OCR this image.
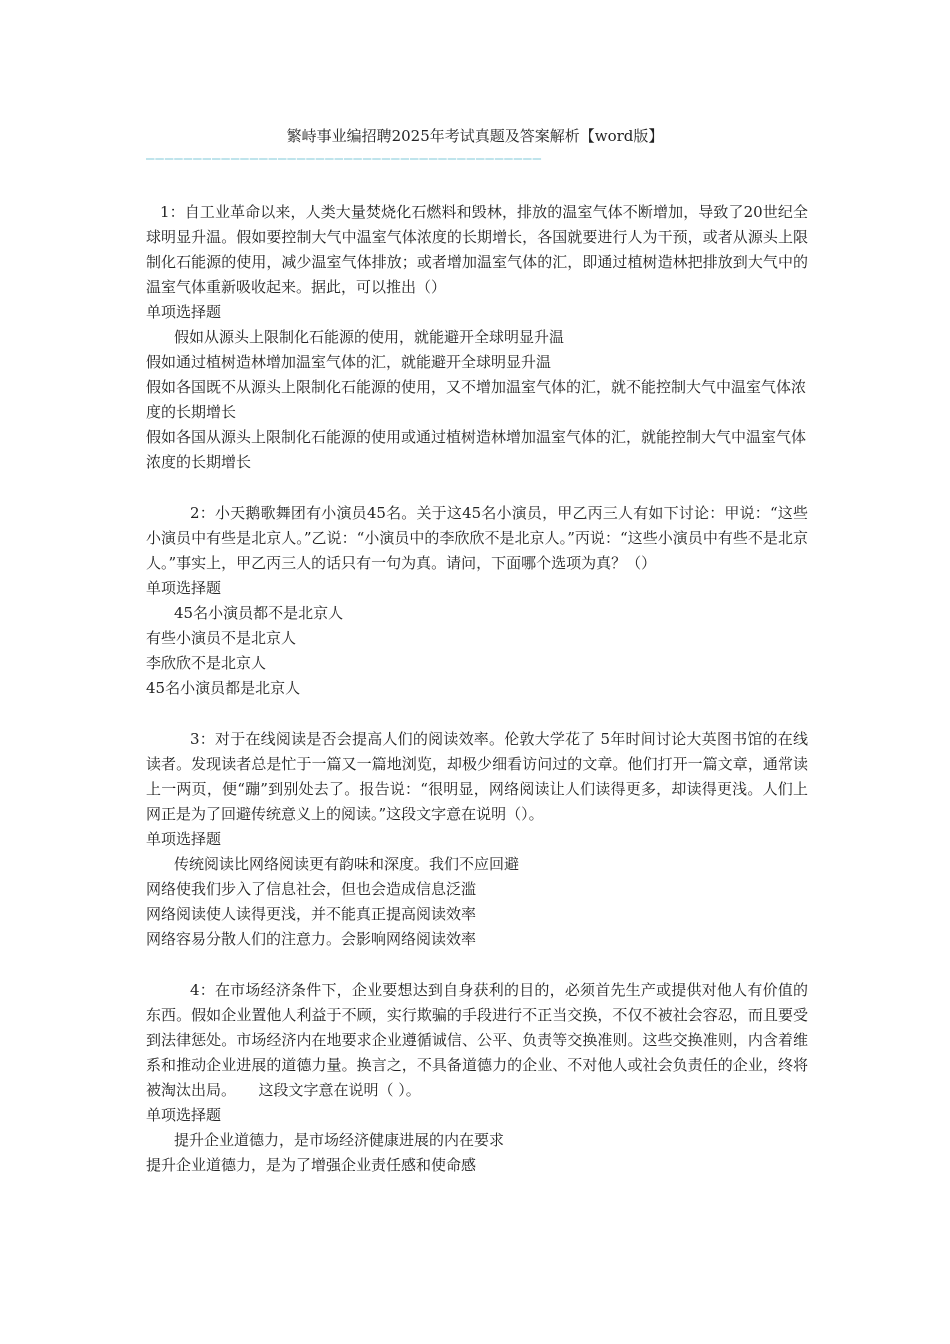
繁峙事业编招聘2025年考试真题及答案解析【word版】
——————————————————————————————————————————

1：自工业革命以来，人类大量焚烧化石燃料和毁林，排放的温室气体不断增加，导致了20世纪全球明显升温。假如要控制大气中温室气体浓度的长期增长，各国就要进行人为干预，或者从源头上限制化石能源的使用，减少温室气体排放；或者增加温室气体的汇，即通过植树造林把排放到大气中的温室气体重新吸收起来。据此，可以推出（）

单项选择题

假如从源头上限制化石能源的使用，就能避开全球明显升温

假如通过植树造林增加温室气体的汇，就能避开全球明显升温

假如各国既不从源头上限制化石能源的使用，又不增加温室气体的汇，就不能控制大气中温室气体浓度的长期增长

假如各国从源头上限制化石能源的使用或通过植树造林增加温室气体的汇，就能控制大气中温室气体浓度的长期增长

2：小天鹅歌舞团有小演员45名。关于这45名小演员，甲乙丙三人有如下讨论：甲说：“这些小演员中有些是北京人。”乙说：“小演员中的李欣欣不是北京人。”丙说：“这些小演员中有些不是北京人。”事实上，甲乙丙三人的话只有一句为真。请问，下面哪个选项为真？（）

单项选择题

45名小演员都不是北京人

有些小演员不是北京人

李欣欣不是北京人

45名小演员都是北京人

3：对于在线阅读是否会提高人们的阅读效率。伦敦大学花了 5年时间讨论大英图书馆的在线读者。发现读者总是忙于一篇又一篇地浏览，却极少细看访问过的文章。他们打开一篇文章，通常读上一两页，便“蹦”到别处去了。报告说：“很明显，网络阅读让人们读得更多，却读得更浅。人们上网正是为了回避传统意义上的阅读。”这段文字意在说明（）。

单项选择题

传统阅读比网络阅读更有韵味和深度。我们不应回避

网络使我们步入了信息社会，但也会造成信息泛滥

网络阅读使人读得更浅，并不能真正提高阅读效率

网络容易分散人们的注意力。会影响网络阅读效率

4：在市场经济条件下，企业要想达到自身获利的目的，必须首先生产或提供对他人有价值的东西。假如企业置他人利益于不顾，实行欺骗的手段进行不正当交换，不仅不被社会容忍，而且要受到法律惩处。市场经济内在地要求企业遵循诚信、公平、负责等交换准则。这些交换准则，内含着维系和推动企业进展的道德力量。换言之，不具备道德力的企业、不对他人或社会负责任的企业，终将被淘汰出局。　　这段文字意在说明（ ）。

单项选择题

提升企业道德力，是市场经济健康进展的内在要求

提升企业道德力，是为了增强企业责任感和使命感
